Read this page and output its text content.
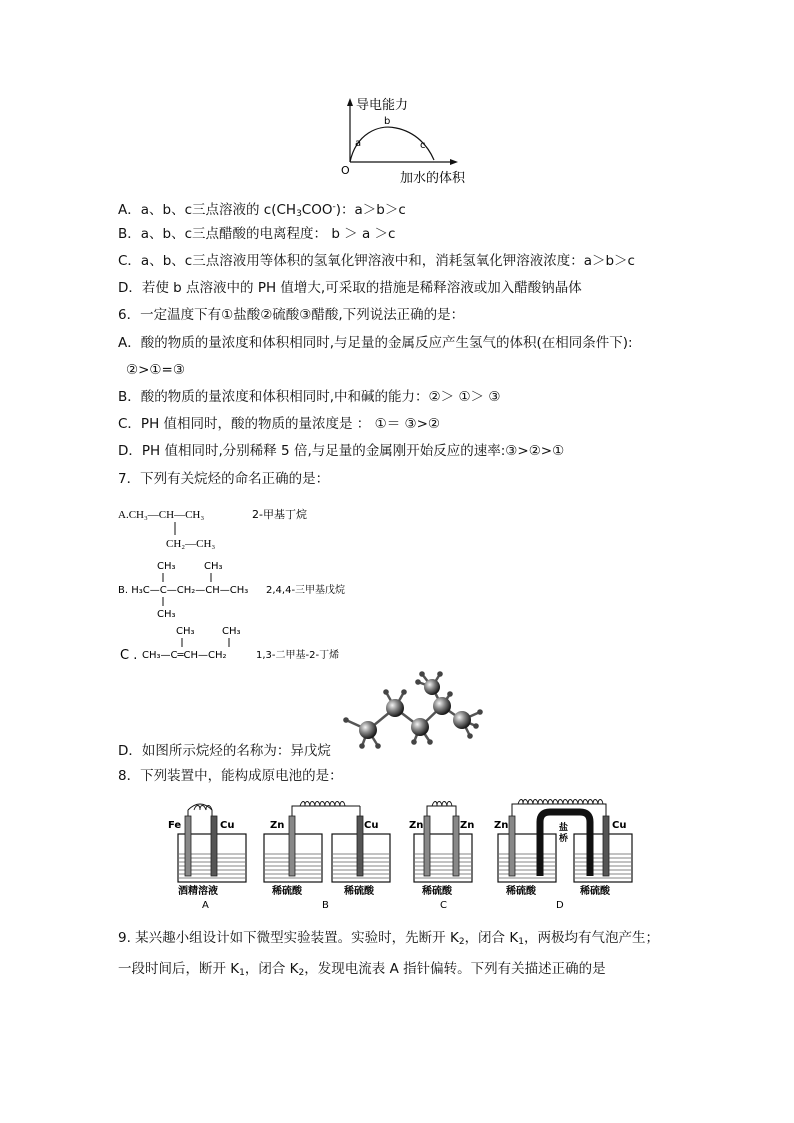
导电能力
加水的体积
O
a
b
c
A．a、b、c三点溶液的 $c(CH_3COO^-)$：a＞b＞c
B．a、b、c三点醋酸的电离程度： b ＞ a ＞c
C．a、b、c三点溶液用等体积的氢氧化钾溶液中和，消耗氢氧化钾溶液浓度：a＞b＞c
D．若使 b 点溶液中的 PH 值增大,可采取的措施是稀释溶液或加入醋酸钠晶体
6．一定温度下有①盐酸②硫酸③醋酸,下列说法正确的是：
A．酸的物质的量浓度和体积相同时,与足量的金属反应产生氢气的体积(在相同条件下):
②>①=③
B．酸的物质的量浓度和体积相同时,中和碱的能力：②＞ ①＞ ③
C．PH 值相同时，酸的物质的量浓度是 ： ①＝ ③>②
D．PH 值相同时,分别稀释 5 倍,与足量的金属刚开始反应的速率:③>②>①
7．下列有关烷烃的命名正确的是：
A.CH₃—CH—CH₃
CH₂—CH₃
2-甲基丁烷
CH₃	CH₃
B. H₃C—C—CH₂—CH—CH₃
CH₃
2,4,4-三甲基戊烷
CH₃	CH₃
C . CH₃—C═CH—CH₂	1,3-二甲基-2-丁烯
D．如图所示烷烃的名称为：异戊烷
8．下列装置中，能构成原电池的是：
Fe	Cu
酒精溶液
A
Zn	Cu
稀硫酸	稀硫酸
B
Zn	Zn
稀硫酸
C
盐
桥
Zn	Cu
稀硫酸	稀硫酸
D
9. 某兴趣小组设计如下微型实验装置。实验时，先断开 $K_2$，闭合 $K_1$，两极均有气泡产生；
一段时间后，断开 $K_1$，闭合 $K_2$，发现电流表 A 指针偏转。下列有关描述正确的是
